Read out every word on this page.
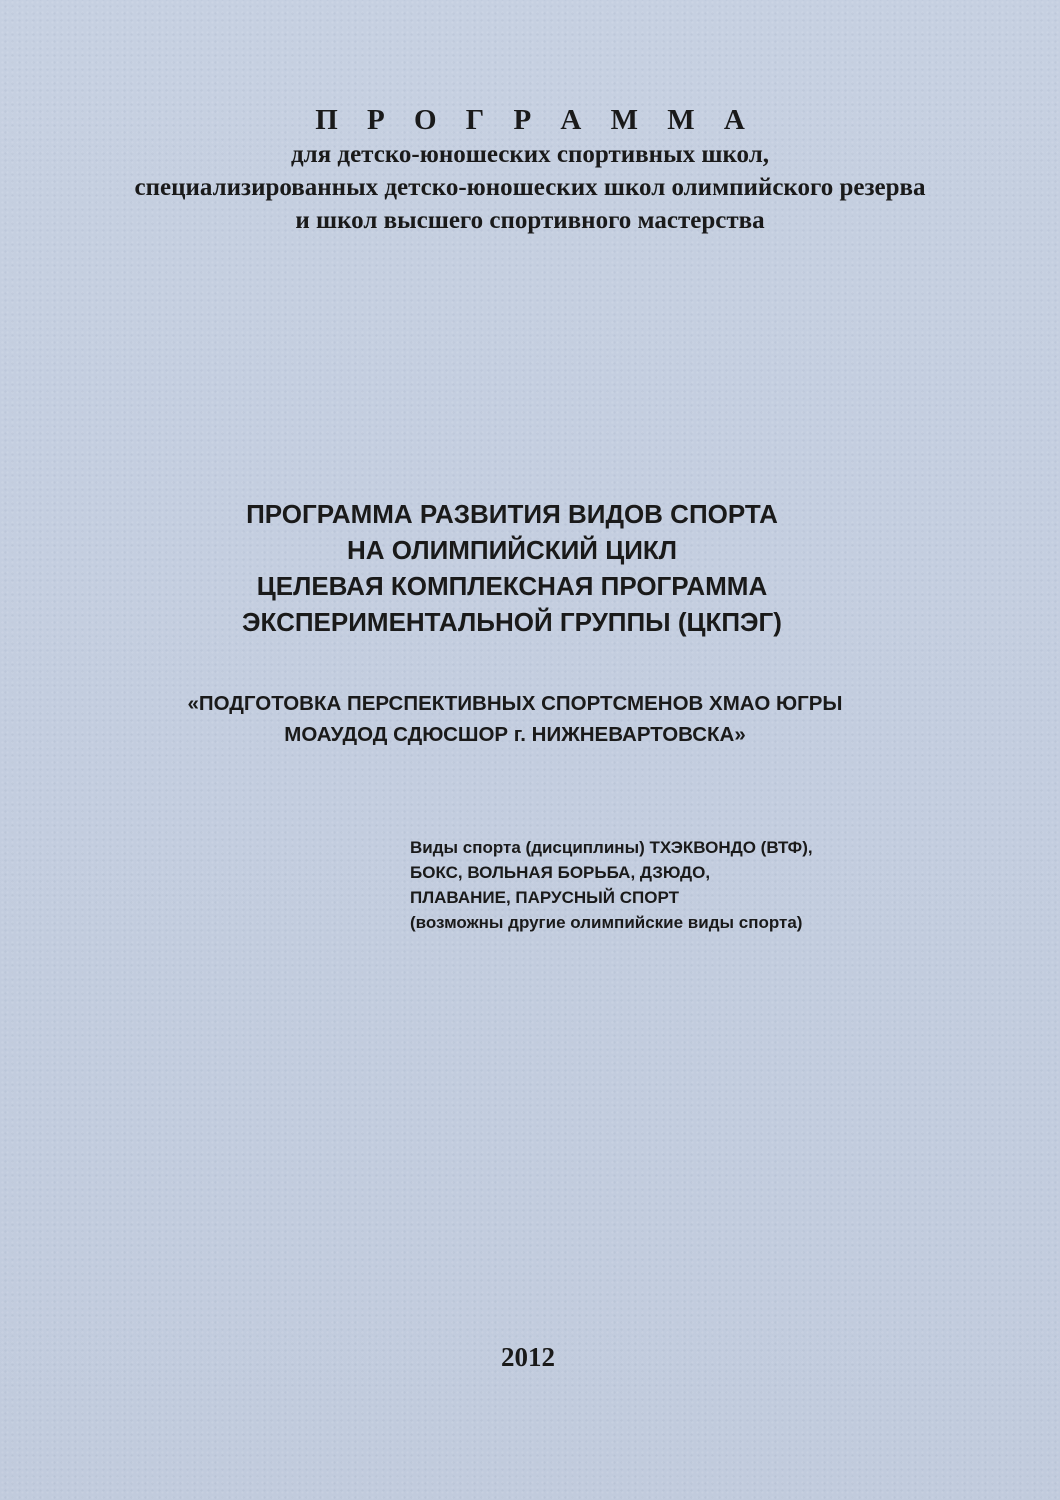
П Р О Г Р А М М А
для детско-юношеских спортивных школ,
специализированных детско-юношеских школ олимпийского резерва
и школ высшего спортивного мастерства
ПРОГРАММА РАЗВИТИЯ ВИДОВ СПОРТА
НА ОЛИМПИЙСКИЙ ЦИКЛ
ЦЕЛЕВАЯ КОМПЛЕКСНАЯ ПРОГРАММА
ЭКСПЕРИМЕНТАЛЬНОЙ ГРУППЫ (ЦКПЭГ)
«ПОДГОТОВКА ПЕРСПЕКТИВНЫХ СПОРТСМЕНОВ ХМАО ЮГРЫ
МОАУДОД СДЮСШОР г. НИЖНЕВАРТОВСКА»
Виды спорта (дисциплины) ТХЭКВОНДО (ВТФ),
БОКС, ВОЛЬНАЯ БОРЬБА, ДЗЮДО,
ПЛАВАНИЕ, ПАРУСНЫЙ СПОРТ
(возможны другие олимпийские виды спорта)
2012
